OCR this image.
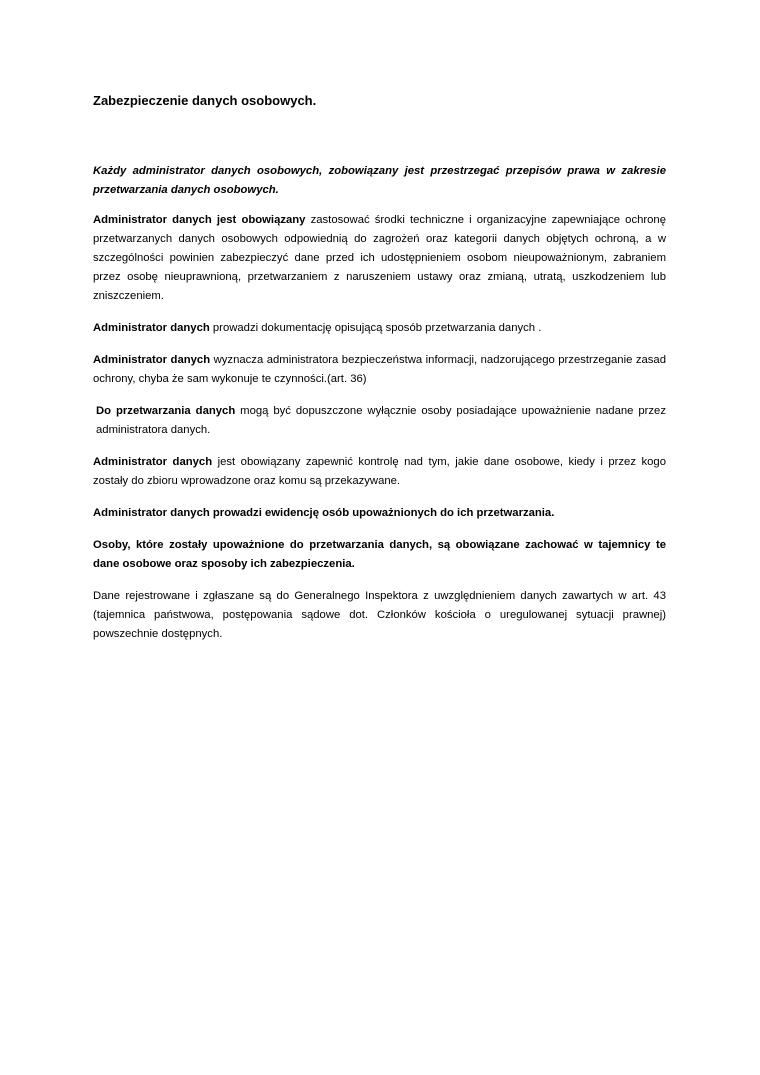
Zabezpieczenie danych osobowych.

Każdy administrator danych osobowych, zobowiązany jest przestrzegać przepisów prawa w zakresie przetwarzania danych osobowych.

Administrator danych jest obowiązany zastosować środki techniczne i organizacyjne zapewniające ochronę przetwarzanych danych osobowych odpowiednią do zagrożeń oraz kategorii danych objętych ochroną, a w szczególności powinien zabezpieczyć dane przed ich udostępnieniem osobom nieupoważnionym, zabraniem przez osobę nieuprawnioną, przetwarzaniem z naruszeniem ustawy oraz zmianą, utratą, uszkodzeniem lub zniszczeniem.

Administrator danych prowadzi dokumentację opisującą sposób przetwarzania danych .

Administrator danych wyznacza administratora bezpieczeństwa informacji, nadzorującego przestrzeganie zasad ochrony, chyba że sam wykonuje te czynności.(art. 36)

Do przetwarzania danych mogą być dopuszczone wyłącznie osoby posiadające upoważnienie nadane przez administratora danych.

Administrator danych jest obowiązany zapewnić kontrolę nad tym, jakie dane osobowe, kiedy i przez kogo zostały do zbioru wprowadzone oraz komu są przekazywane.

Administrator danych prowadzi ewidencję osób upoważnionych do ich przetwarzania.

Osoby, które zostały upoważnione do przetwarzania danych, są obowiązane zachować w tajemnicy te dane osobowe oraz sposoby ich zabezpieczenia.

Dane rejestrowane i zgłaszane są do Generalnego Inspektora z uwzględnieniem danych zawartych w art. 43 (tajemnica państwowa, postępowania sądowe dot. Członków kościoła o uregulowanej sytuacji prawnej) powszechnie dostępnych.
